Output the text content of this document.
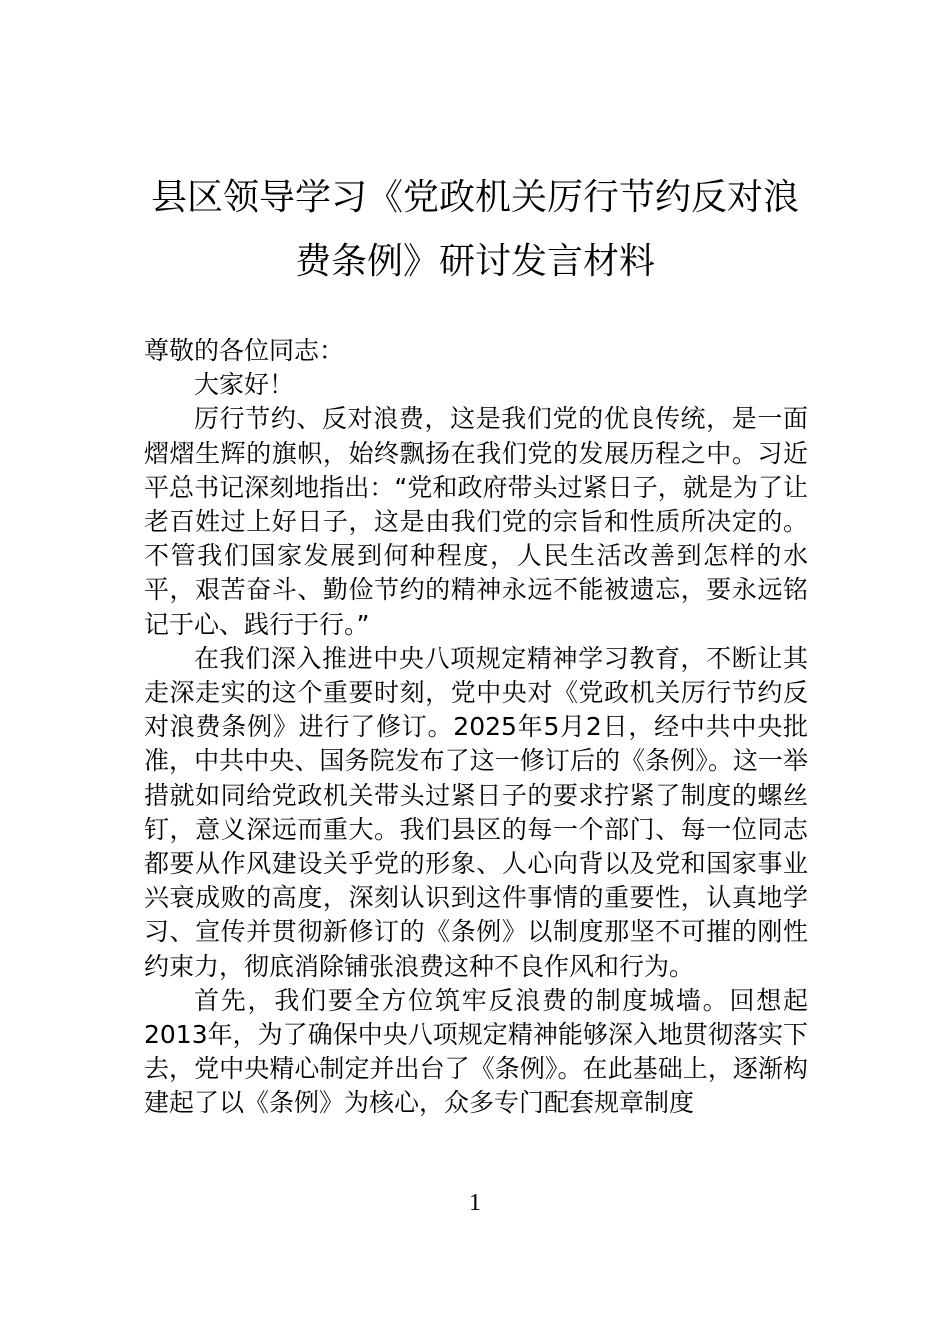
县区领导学习《党政机关厉行节约反对浪
费条例》研讨发言材料

尊敬的各位同志：

大家好！

厉行节约、反对浪费，这是我们党的优良传统，是一面熠熠生辉的旗帜，始终飘扬在我们党的发展历程之中。习近平总书记深刻地指出：“党和政府带头过紧日子，就是为了让老百姓过上好日子，这是由我们党的宗旨和性质所决定的。不管我们国家发展到何种程度，人民生活改善到怎样的水平，艰苦奋斗、勤俭节约的精神永远不能被遗忘，要永远铭记于心、践行于行。”

在我们深入推进中央八项规定精神学习教育，不断让其走深走实的这个重要时刻，党中央对《党政机关厉行节约反对浪费条例》进行了修订。2025年5月2日，经中共中央批准，中共中央、国务院发布了这一修订后的《条例》。这一举措就如同给党政机关带头过紧日子的要求拧紧了制度的螺丝钉，意义深远而重大。我们县区的每一个部门、每一位同志都要从作风建设关乎党的形象、人心向背以及党和国家事业兴衰成败的高度，深刻认识到这件事情的重要性，认真地学习、宣传并贯彻新修订的《条例》以制度那坚不可摧的刚性约束力，彻底消除铺张浪费这种不良作风和行为。

首先，我们要全方位筑牢反浪费的制度城墙。回想起2013年，为了确保中央八项规定精神能够深入地贯彻落实下去，党中央精心制定并出台了《条例》。在此基础上，逐渐构建起了以《条例》为核心，众多专门配套规章制度

1
